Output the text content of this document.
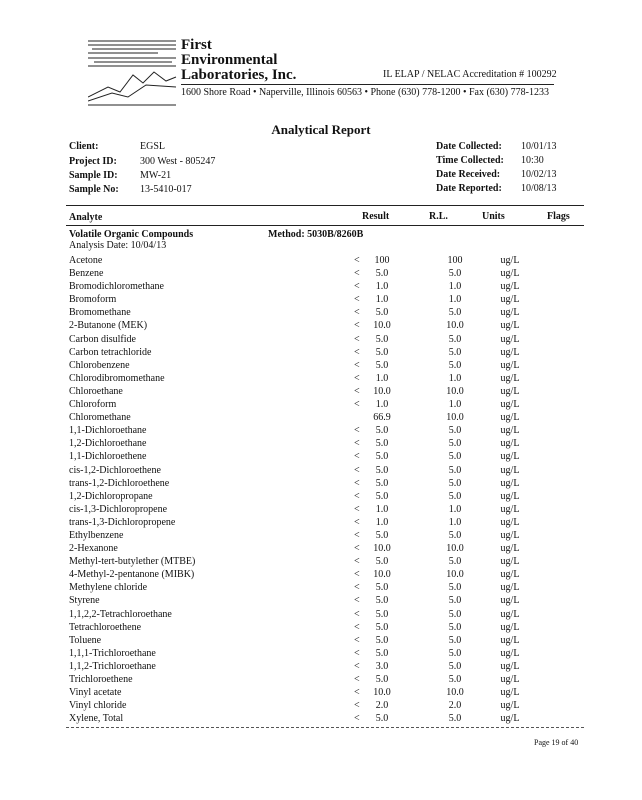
First
Environmental
Laboratories, Inc.	IL ELAP / NELAC Accreditation # 100292
1600 Shore Road • Naperville, Illinois 60563 • Phone (630) 778-1200 • Fax (630) 778-1233
Analytical Report
Client:	EGSL
Project ID: 300 West - 805247
Sample ID: MW-21
Sample No: 13-5410-017
Date Collected: 10/01/13
Time Collected: 10:30
Date Received: 10/02/13
Date Reported: 10/08/13
Analyte	Result	R.L.	Units	Flags
Volatile Organic Compounds	Method: 5030B/8260B
Analysis Date: 10/04/13
Acetone	< 100	100	ug/L
Benzene	< 5.0	5.0	ug/L
Bromodichloromethane	< 1.0	1.0	ug/L
Bromoform	< 1.0	1.0	ug/L
Bromomethane	< 5.0	5.0	ug/L
2-Butanone (MEK)	< 10.0	10.0	ug/L
Carbon disulfide	< 5.0	5.0	ug/L
Carbon tetrachloride	< 5.0	5.0	ug/L
Chlorobenzene	< 5.0	5.0	ug/L
Chlorodibromomethane	< 1.0	1.0	ug/L
Chloroethane	< 10.0	10.0	ug/L
Chloroform	< 1.0	1.0	ug/L
Chloromethane	66.9	10.0	ug/L
1,1-Dichloroethane	< 5.0	5.0	ug/L
1,2-Dichloroethane	< 5.0	5.0	ug/L
1,1-Dichloroethene	< 5.0	5.0	ug/L
cis-1,2-Dichloroethene	< 5.0	5.0	ug/L
trans-1,2-Dichloroethene	< 5.0	5.0	ug/L
1,2-Dichloropropane	< 5.0	5.0	ug/L
cis-1,3-Dichloropropene	< 1.0	1.0	ug/L
trans-1,3-Dichloropropene	< 1.0	1.0	ug/L
Ethylbenzene	< 5.0	5.0	ug/L
2-Hexanone	< 10.0	10.0	ug/L
Methyl-tert-butylether (MTBE)	< 5.0	5.0	ug/L
4-Methyl-2-pentanone (MIBK)	< 10.0	10.0	ug/L
Methylene chloride	< 5.0	5.0	ug/L
Styrene	< 5.0	5.0	ug/L
1,1,2,2-Tetrachloroethane	< 5.0	5.0	ug/L
Tetrachloroethene	< 5.0	5.0	ug/L
Toluene	< 5.0	5.0	ug/L
1,1,1-Trichloroethane	< 5.0	5.0	ug/L
1,1,2-Trichloroethane	< 3.0	5.0	ug/L
Trichloroethene	< 5.0	5.0	ug/L
Vinyl acetate	< 10.0	10.0	ug/L
Vinyl chloride	< 2.0	2.0	ug/L
Xylene, Total	< 5.0	5.0	ug/L
Page 19 of 40
